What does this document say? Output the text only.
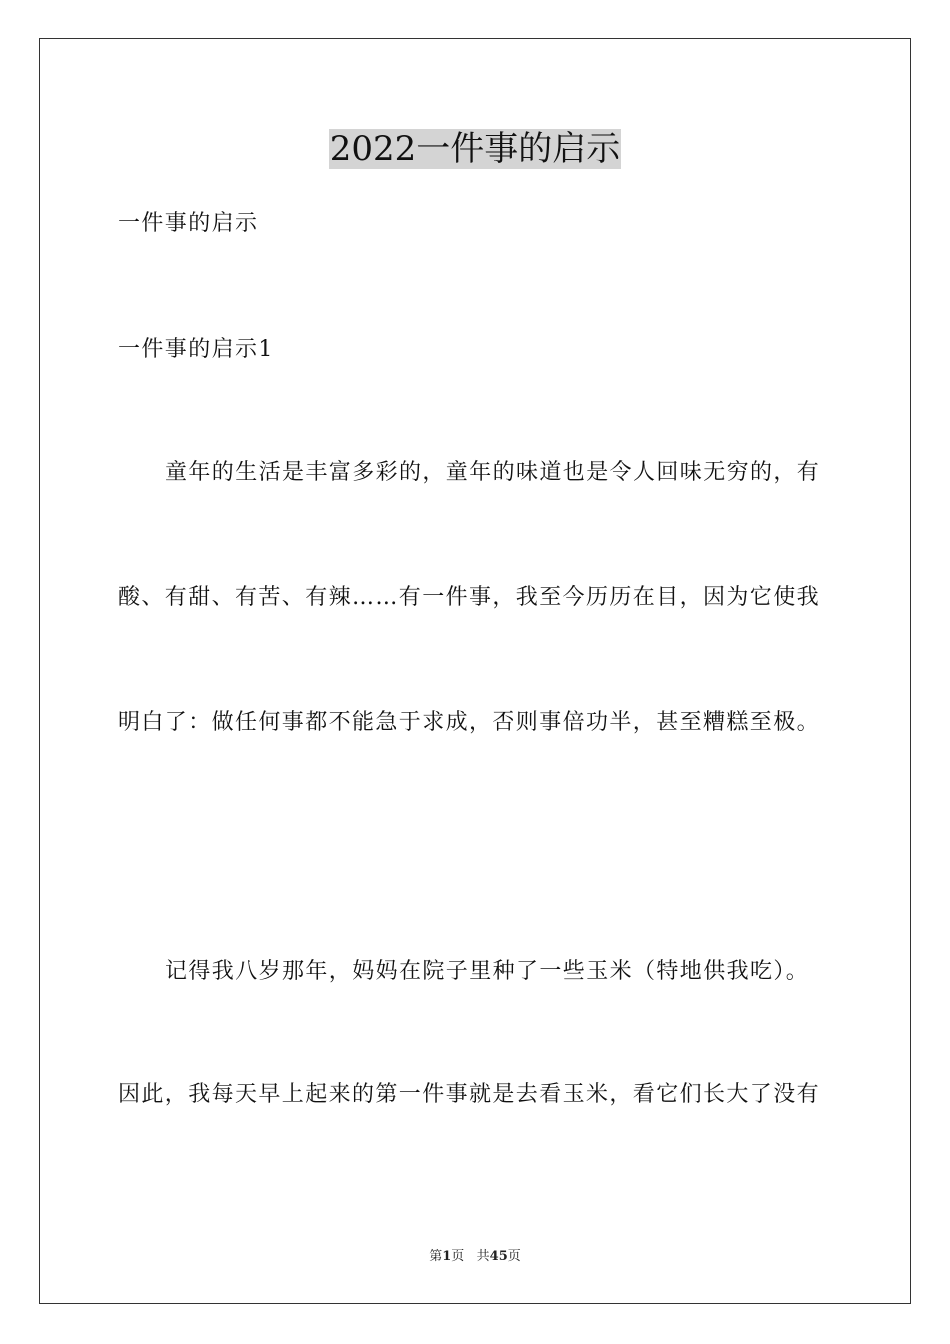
2022一件事的启示

一件事的启示

一件事的启示1

童年的生活是丰富多彩的，童年的味道也是令人回味无穷的，有

酸、有甜、有苦、有辣……有一件事，我至今历历在目，因为它使我

明白了：做任何事都不能急于求成，否则事倍功半，甚至糟糕至极。

记得我八岁那年，妈妈在院子里种了一些玉米（特地供我吃）。

因此，我每天早上起来的第一件事就是去看玉米，看它们长大了没有

第1页   共45页
